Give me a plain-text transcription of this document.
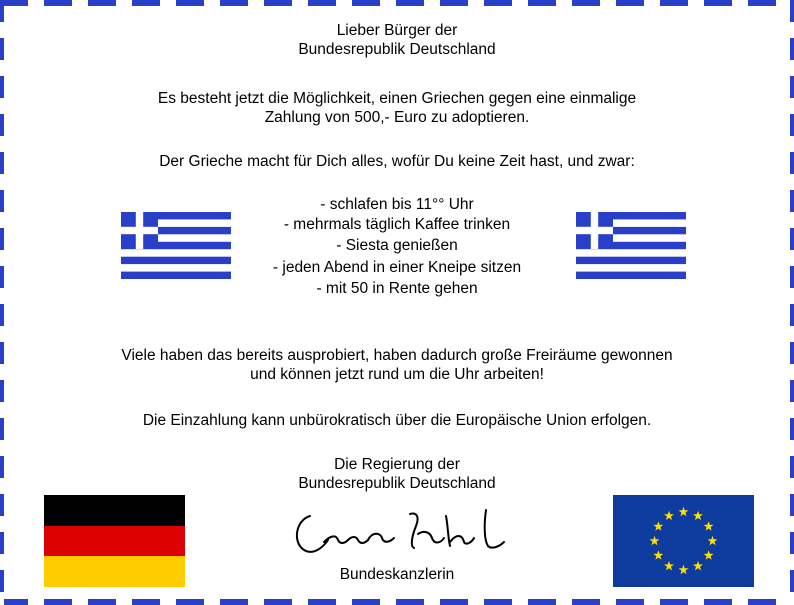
Lieber Bürger der
Bundesrepublik Deutschland
Es besteht jetzt die Möglichkeit, einen Griechen gegen eine einmalige
Zahlung von 500,- Euro zu adoptieren.
Der Grieche macht für Dich alles, wofür Du keine Zeit hast, und zwar:
- schlafen bis 11°° Uhr
- mehrmals täglich Kaffee trinken
- Siesta genießen
- jeden Abend in einer Kneipe sitzen
- mit 50 in Rente gehen
Viele haben das bereits ausprobiert, haben dadurch große Freiräume gewonnen
und können jetzt rund um die Uhr arbeiten!
Die Einzahlung kann unbürokratisch über die Europäische Union erfolgen.
Die Regierung der
Bundesrepublik Deutschland
Bundeskanzlerin
